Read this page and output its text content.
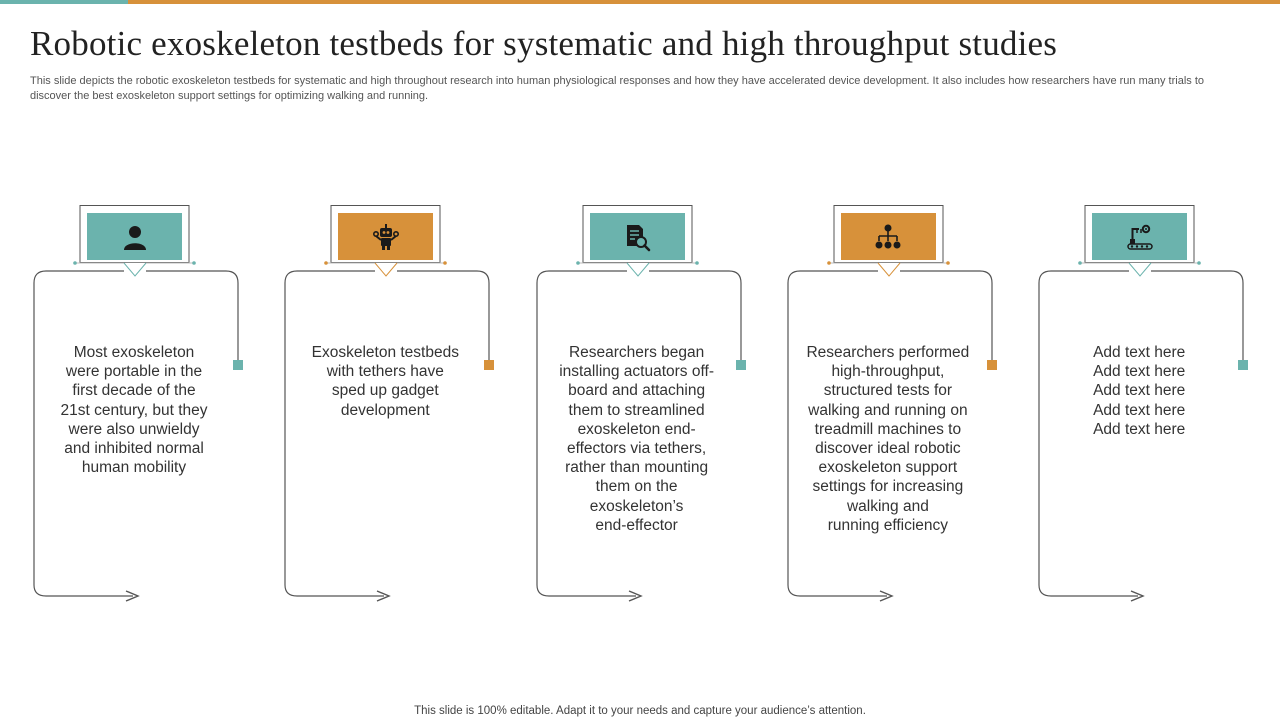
Robotic exoskeleton testbeds for systematic and high throughput studies

This slide depicts the robotic exoskeleton testbeds for systematic and high throughout research into human physiological responses and how they have accelerated device development. It also includes how researchers have run many trials to discover the best exoskeleton support settings for optimizing walking and running.

Most exoskeleton
were portable in the
first decade of the
21st century, but they
were also unwieldy
and inhibited normal
human mobility
Exoskeleton testbeds
with tethers have
sped up gadget
development
Researchers began
installing actuators off-
board and attaching
them to streamlined
exoskeleton end-
effectors via tethers,
rather than mounting
them on the
exoskeleton’s
end-effector
Researchers performed
high-throughput,
structured tests for
walking and running on
treadmill machines to
discover ideal robotic
exoskeleton support
settings for increasing
walking and
running efficiency
Add text here
Add text here
Add text here
Add text here
Add text here
This slide is 100% editable. Adapt it to your needs and capture your audience’s attention.
